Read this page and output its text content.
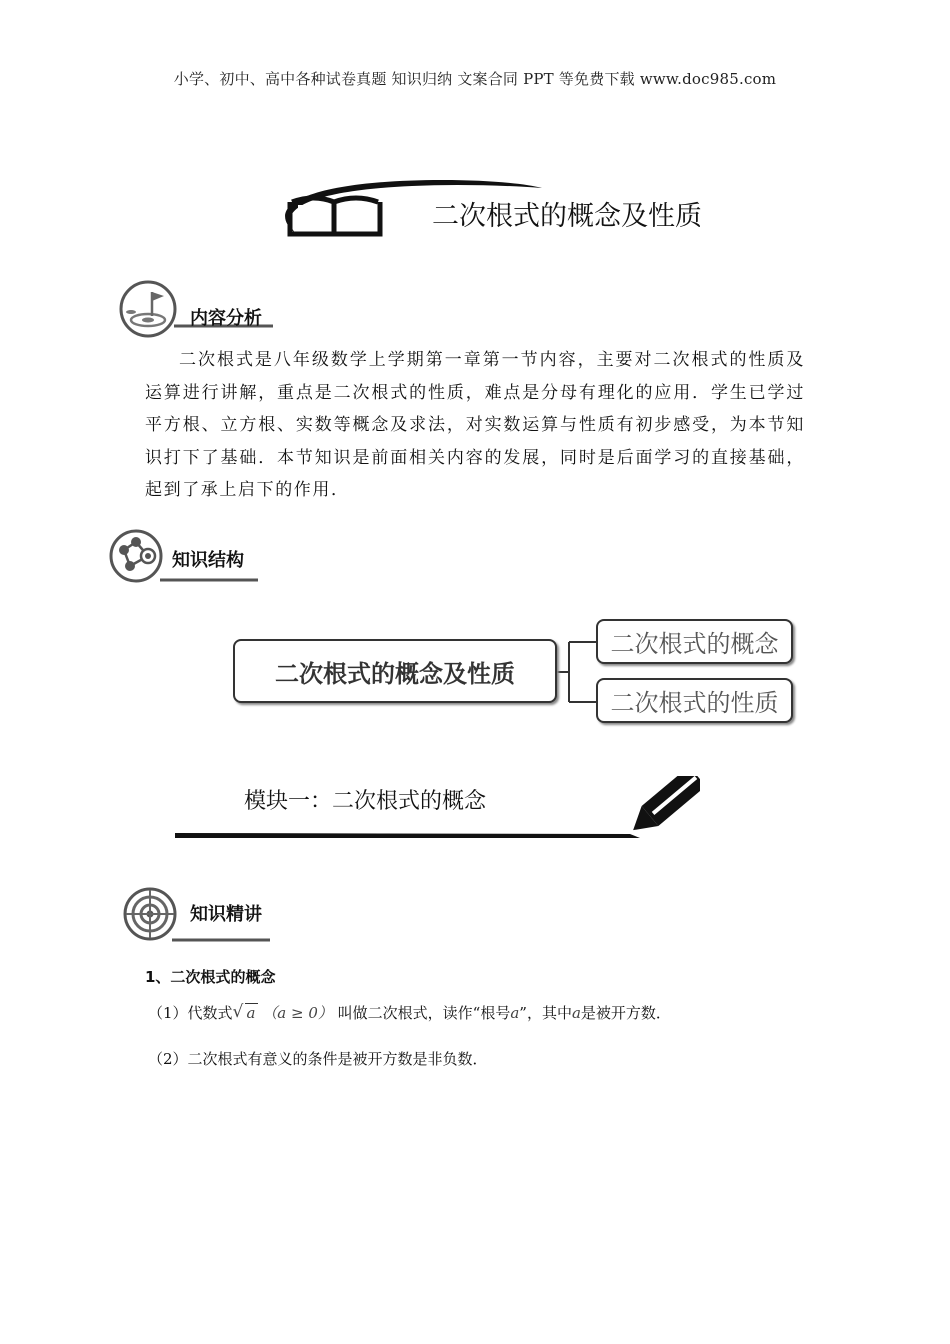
小学、初中、高中各种试卷真题 知识归纳 文案合同 PPT 等免费下载 www.doc985.com
二次根式的概念及性质
内容分析

二次根式是八年级数学上学期第一章第一节内容，主要对二次根式的性质及运算进行讲解，重点是二次根式的性质，难点是分母有理化的应用．学生已学过平方根、立方根、实数等概念及求法，对实数运算与性质有初步感受，为本节知识打下了基础．本节知识是前面相关内容的发展，同时是后面学习的直接基础，起到了承上启下的作用．

知识结构
二次根式的概念及性质
二次根式的概念
二次根式的性质
模块一：二次根式的概念
知识精讲
1、二次根式的概念
（1）代数式 √ a （a ≥ 0） 叫做二次根式，读作“根号a”，其中a是被开方数．
（2）二次根式有意义的条件是被开方数是非负数．
